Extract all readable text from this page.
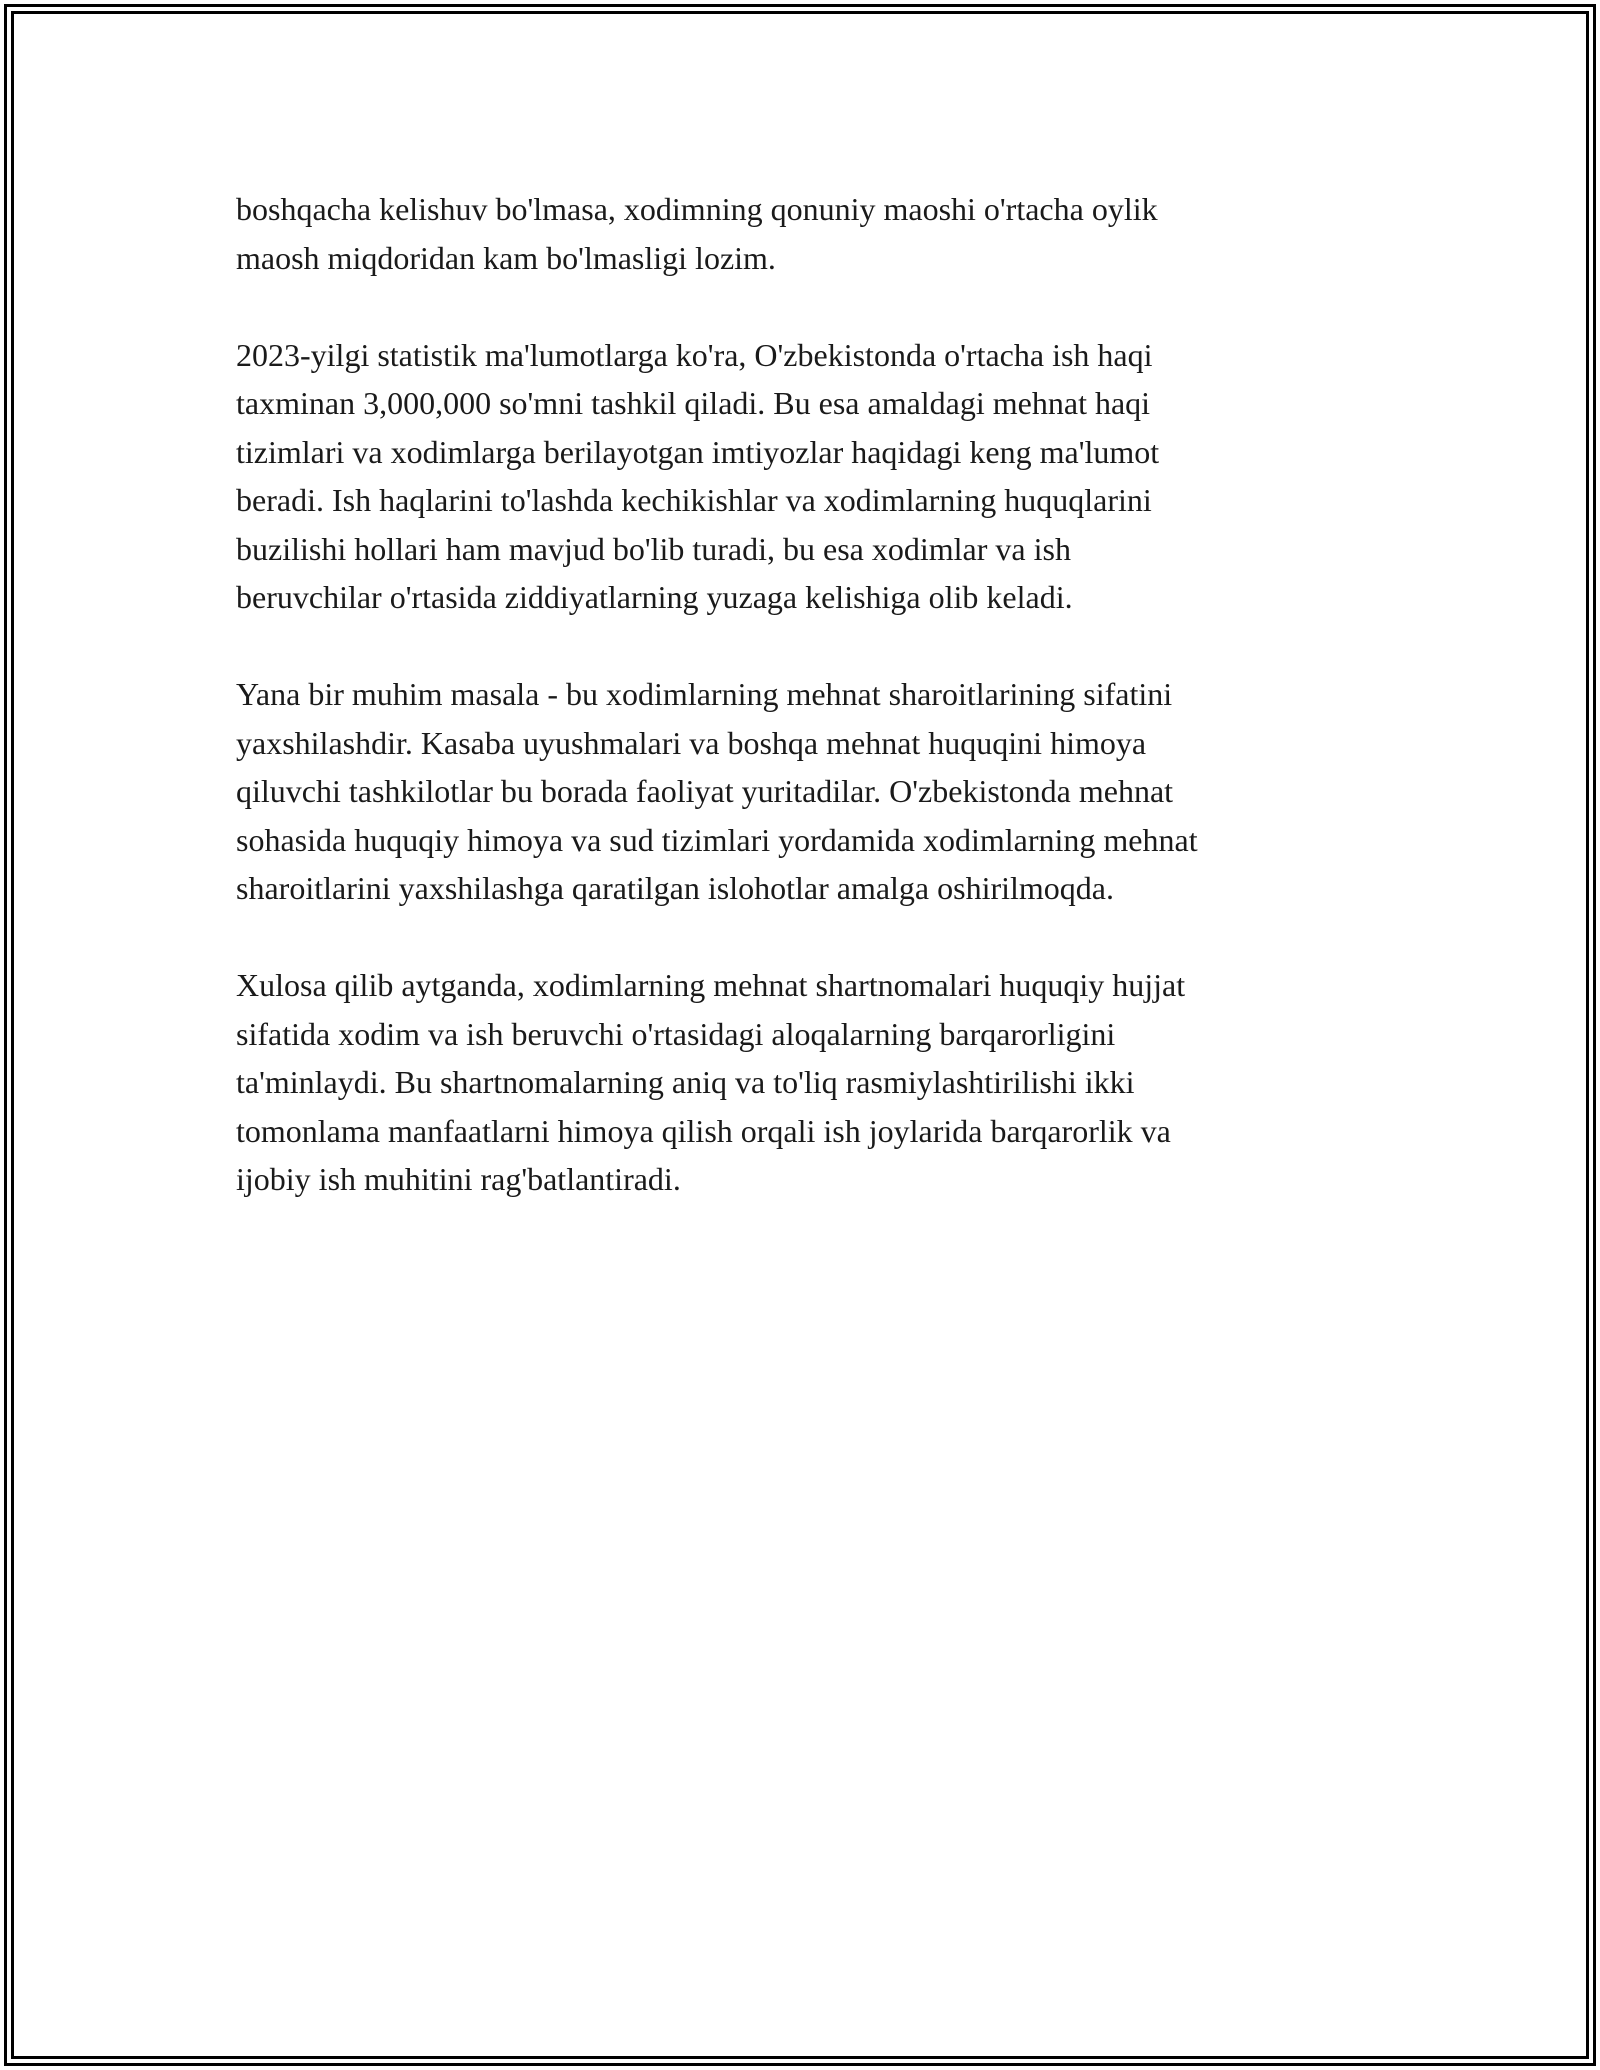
boshqacha kelishuv bo'lmasa, xodimning qonuniy maoshi o'rtacha oylik
maosh miqdoridan kam bo'lmasligi lozim.

2023-yilgi statistik ma'lumotlarga ko'ra, O'zbekistonda o'rtacha ish haqi
taxminan 3,000,000 so'mni tashkil qiladi. Bu esa amaldagi mehnat haqi
tizimlari va xodimlarga berilayotgan imtiyozlar haqidagi keng ma'lumot
beradi. Ish haqlarini to'lashda kechikishlar va xodimlarning huquqlarini
buzilishi hollari ham mavjud bo'lib turadi, bu esa xodimlar va ish
beruvchilar o'rtasida ziddiyatlarning yuzaga kelishiga olib keladi.

Yana bir muhim masala - bu xodimlarning mehnat sharoitlarining sifatini
yaxshilashdir. Kasaba uyushmalari va boshqa mehnat huquqini himoya
qiluvchi tashkilotlar bu borada faoliyat yuritadilar. O'zbekistonda mehnat
sohasida huquqiy himoya va sud tizimlari yordamida xodimlarning mehnat
sharoitlarini yaxshilashga qaratilgan islohotlar amalga oshirilmoqda.

Xulosa qilib aytganda, xodimlarning mehnat shartnomalari huquqiy hujjat
sifatida xodim va ish beruvchi o'rtasidagi aloqalarning barqarorligini
ta'minlaydi. Bu shartnomalarning aniq va to'liq rasmiylashtirilishi ikki
tomonlama manfaatlarni himoya qilish orqali ish joylarida barqarorlik va
ijobiy ish muhitini rag'batlantiradi.
